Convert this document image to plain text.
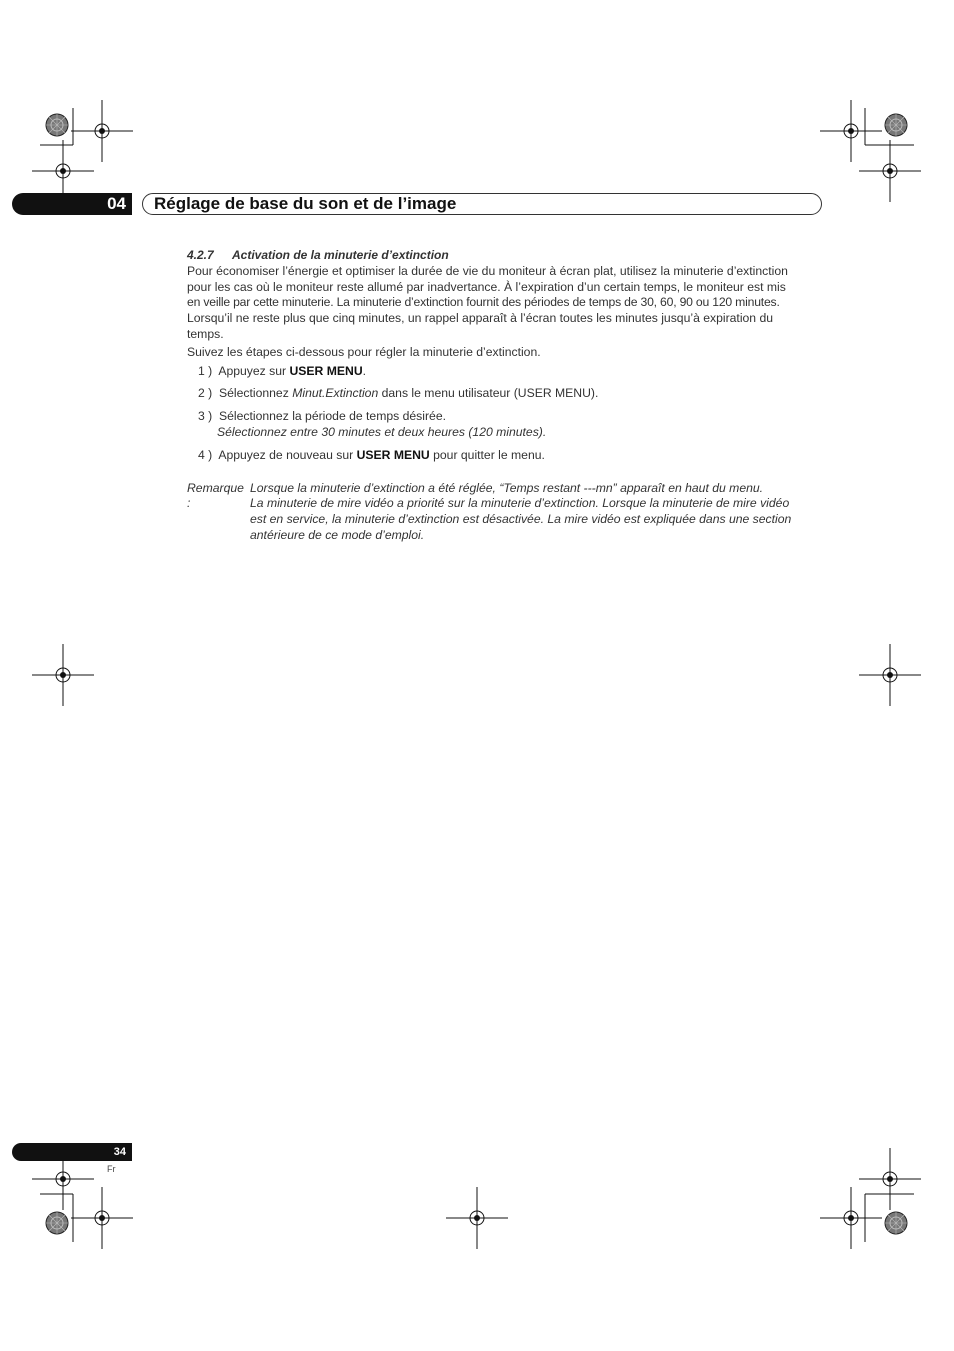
04	Réglage de base du son et de l’image

4.2.7 Activation de la minuterie d’extinction

Pour économiser l’énergie et optimiser la durée de vie du moniteur à écran plat, utilisez la minuterie d’extinction
pour les cas où le moniteur reste allumé par inadvertance. À l’expiration d’un certain temps, le moniteur est mis
en veille par cette minuterie. La minuterie d’extinction fournit des périodes de temps de 30, 60, 90 ou 120 minutes.
Lorsqu’il ne reste plus que cinq minutes, un rappel apparaît à l’écran toutes les minutes jusqu’à expiration du
temps.

Suivez les étapes ci-dessous pour régler la minuterie d’extinction.

1 ) Appuyez sur USER MENU.
2 ) Sélectionnez Minut.Extinction dans le menu utilisateur (USER MENU).
3 ) Sélectionnez la période de temps désirée.
Sélectionnez entre 30 minutes et deux heures (120 minutes).
4 ) Appuyez de nouveau sur USER MENU pour quitter le menu.
Remarque :
Lorsque la minuterie d’extinction a été réglée, “Temps restant ---mn” apparaît en haut du menu.
La minuterie de mire vidéo a priorité sur la minuterie d’extinction. Lorsque la minuterie de mire vidéo
est en service, la minuterie d’extinction est désactivée. La mire vidéo est expliquée dans une section
antérieure de ce mode d’emploi.
34
Fr
